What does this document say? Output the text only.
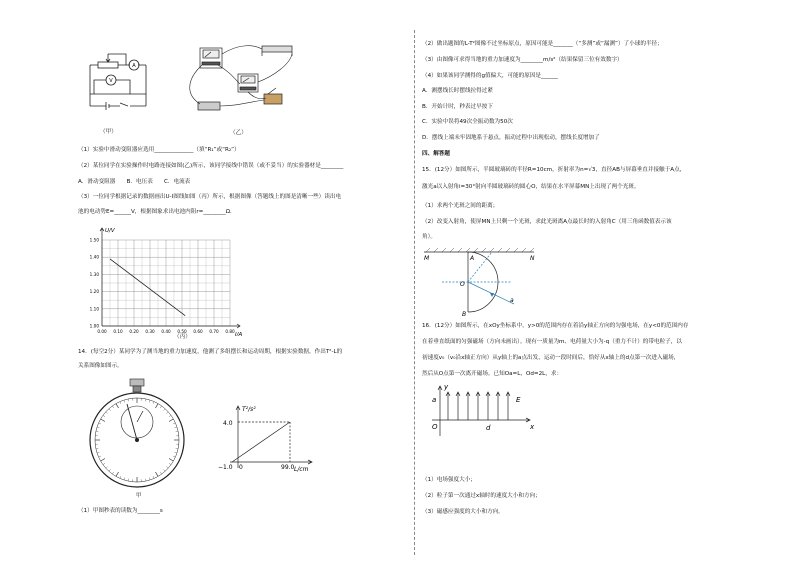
A
V
（甲）	（乙）
（1）实验中滑动变阻器应选用______________（填“R₁”或“R₂”）
（2）某位同学在实验操作时电路连接如图(乙)所示，该同学接线中错误（或不妥当）的实验器材是________
A．滑动变阻器　　B．电压表　　C．电流表
（3）一位同学根据记录的数据画出U-I图线如图（丙）所示，根据图像（答题线上的图是清晰一些）读出电
池的电动势E=______V，根据图象求出电池内阻r=________Ω．
U/V
I/A
0.00 0.10 0.20 0.30 0.40 0.50 0.60 0.70 0.80
1.00
1.10
1.20
1.30
1.40
1.50
（丙）
14．(每空2分）某同学为了测当地的重力加速度，他测了多组摆长和运动周期，根据实验数据，作出T²-L的
关系图像如图示。
甲
T²/s²
L/cm
4.0
−1.0 0	99.0
（1）甲图秒表的读数为________s
（2）做出题图的L-T²图像不过坐标原点，原因可能是_______（“多测”或“漏测”）了小球的半径；
（3）由图像可求得当地的重力加速度为________m/s²（结果保留三位有效数字）
（4）如果该同学测得的g值偏大，可能的原因是______
A．测摆线长时摆线拉得过紧
B．开始计时，秒表过早按下
C．实验中误将49次全振动数为50次
D．摆线上端未牢固地系于悬点，振动过程中出现松动，摆线长度增加了
四、解答题
15．(12分）如图所示，半圆玻璃砖的半径R=10cm，折射率为n=√3，直径AB与屏幕垂直并接触于A点，
激光a以入射角i=30°射向半圆玻璃砖的圆心O，结果在水平屏幕MN上出现了两个光斑。
（1）求两个光斑之间的距离；
（2）改变入射角，使屏MN上只剩一个光斑，求此光斑离A点最长时的入射角C（用三角函数值表示该
角）。
M	N
A
B
O
a
16．(12分）如图所示，在xOy坐标系中，y>0的范围内存在着沿y轴正方向的匀强电场，在y<0的范围内存
在着垂直纸面的匀强磁场（方向未画出）。现有一质量为m、电荷量大小为-q（重力不计）的带电粒子，以
初速度v₀（v₀沿x轴正方向）从y轴上的a点出发，运动一段时间后，恰好从x轴上的d点第一次进入磁场，
然后从O点第一次离开磁场。已知Oa=L，Od=2L，求：
y
x
a
O	d
E
（1）电场强度大小；
（2）粒子第一次通过x轴时的速度大小和方向；
（3）磁感应强度的大小和方向。
